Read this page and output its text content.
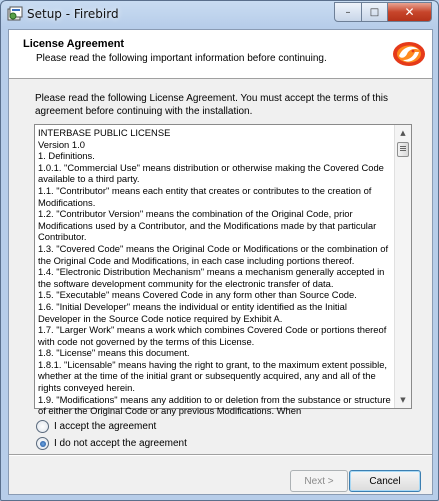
Setup - Firebird	– □ ✕
License Agreement
Please read the following important information before continuing.
Please read the following License Agreement. You must accept the terms of this agreement before continuing with the installation.
INTERBASE PUBLIC LICENSE
Version 1.0
1. Definitions.
1.0.1. "Commercial Use" means distribution or otherwise making the Covered Code available to a third party.
1.1. "Contributor" means each entity that creates or contributes to the creation of Modifications.
1.2. "Contributor Version" means the combination of the Original Code, prior Modifications used by a Contributor, and the Modifications made by that particular Contributor.
1.3. "Covered Code" means the Original Code or Modifications or the combination of the Original Code and Modifications, in each case including portions thereof.
1.4. "Electronic Distribution Mechanism" means a mechanism generally accepted in the software development community for the electronic transfer of data.
1.5. "Executable" means Covered Code in any form other than Source Code.
1.6. "Initial Developer" means the individual or entity identified as the Initial Developer in the Source Code notice required by Exhibit A.
1.7. "Larger Work" means a work which combines Covered Code or portions thereof with code not governed by the terms of this License.
1.8. "License" means this document.
1.8.1. "Licensable" means having the right to grant, to the maximum extent possible, whether at the time of the initial grant or subsequently acquired, any and all of the rights conveyed herein.
1.9. "Modifications" means any addition to or deletion from the substance or structure of either the Original Code or any previous Modifications. When
▲
▼
I accept the agreement
I do not accept the agreement
Next >	Cancel
